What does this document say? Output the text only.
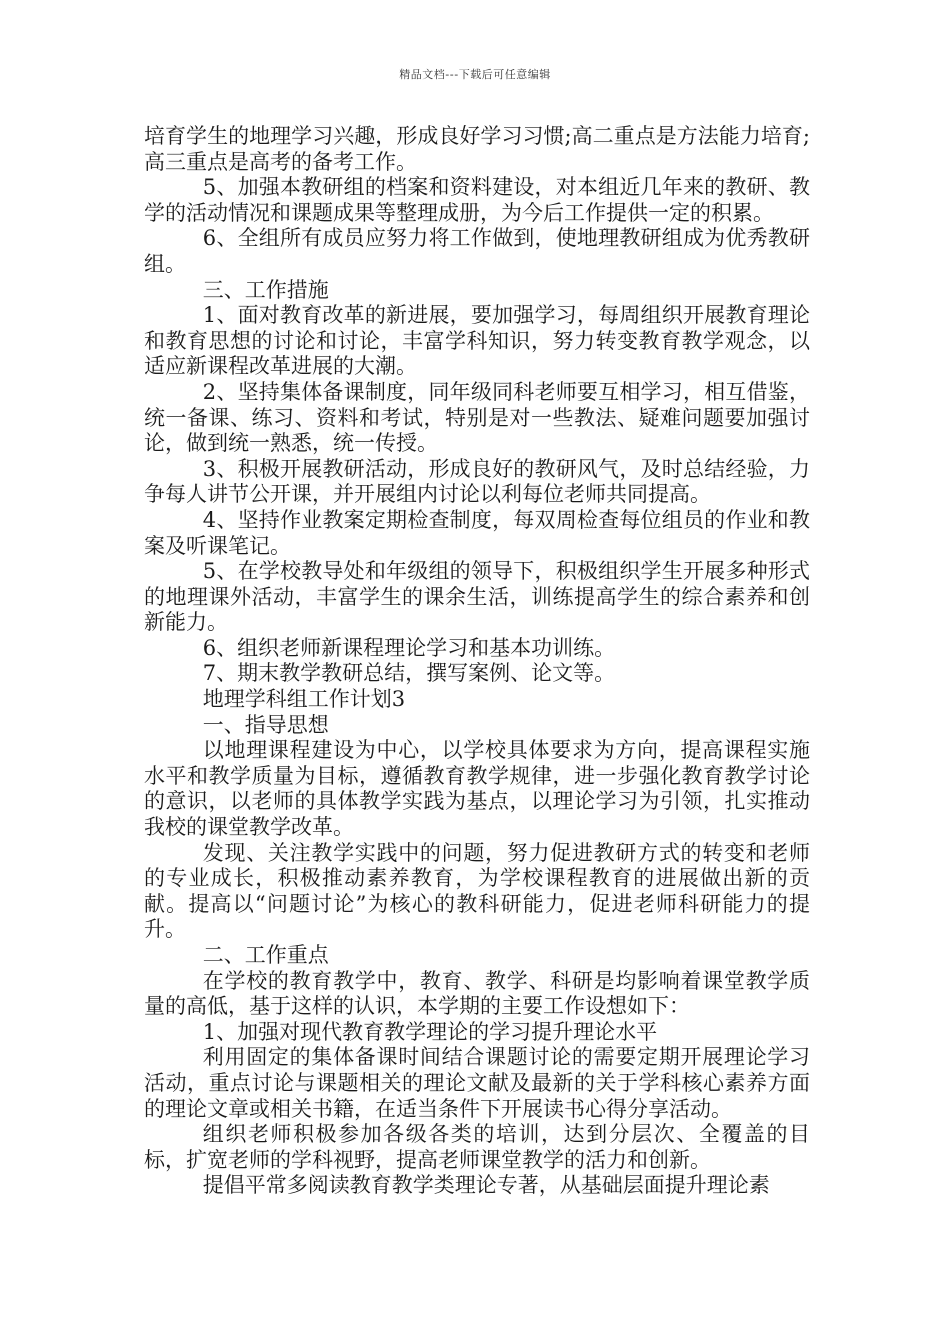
精品文档---下载后可任意编辑

培育学生的地理学习兴趣，形成良好学习习惯;高二重点是方法能力培育;高三重点是高考的备考工作。

5、加强本教研组的档案和资料建设，对本组近几年来的教研、教学的活动情况和课题成果等整理成册，为今后工作提供一定的积累。

6、全组所有成员应努力将工作做到，使地理教研组成为优秀教研组。

三、工作措施

1、面对教育改革的新进展，要加强学习，每周组织开展教育理论和教育思想的讨论和讨论，丰富学科知识，努力转变教育教学观念，以适应新课程改革进展的大潮。

2、坚持集体备课制度，同年级同科老师要互相学习，相互借鉴，统一备课、练习、资料和考试，特别是对一些教法、疑难问题要加强讨论，做到统一熟悉，统一传授。

3、积极开展教研活动，形成良好的教研风气，及时总结经验，力争每人讲节公开课，并开展组内讨论以利每位老师共同提高。

4、坚持作业教案定期检查制度，每双周检查每位组员的作业和教案及听课笔记。

5、在学校教导处和年级组的领导下，积极组织学生开展多种形式的地理课外活动，丰富学生的课余生活，训练提高学生的综合素养和创新能力。

6、组织老师新课程理论学习和基本功训练。

7、期末教学教研总结，撰写案例、论文等。

地理学科组工作计划3

一、指导思想

以地理课程建设为中心，以学校具体要求为方向，提高课程实施水平和教学质量为目标，遵循教育教学规律，进一步强化教育教学讨论的意识，以老师的具体教学实践为基点，以理论学习为引领，扎实推动我校的课堂教学改革。

发现、关注教学实践中的问题，努力促进教研方式的转变和老师的专业成长，积极推动素养教育，为学校课程教育的进展做出新的贡献。提高以“问题讨论”为核心的教科研能力，促进老师科研能力的提升。

二、工作重点

在学校的教育教学中，教育、教学、科研是均影响着课堂教学质量的高低，基于这样的认识，本学期的主要工作设想如下：

1、加强对现代教育教学理论的学习提升理论水平

利用固定的集体备课时间结合课题讨论的需要定期开展理论学习活动，重点讨论与课题相关的理论文献及最新的关于学科核心素养方面的理论文章或相关书籍，在适当条件下开展读书心得分享活动。

组织老师积极参加各级各类的培训，达到分层次、全覆盖的目标，扩宽老师的学科视野，提高老师课堂教学的活力和创新。

提倡平常多阅读教育教学类理论专著，从基础层面提升理论素
